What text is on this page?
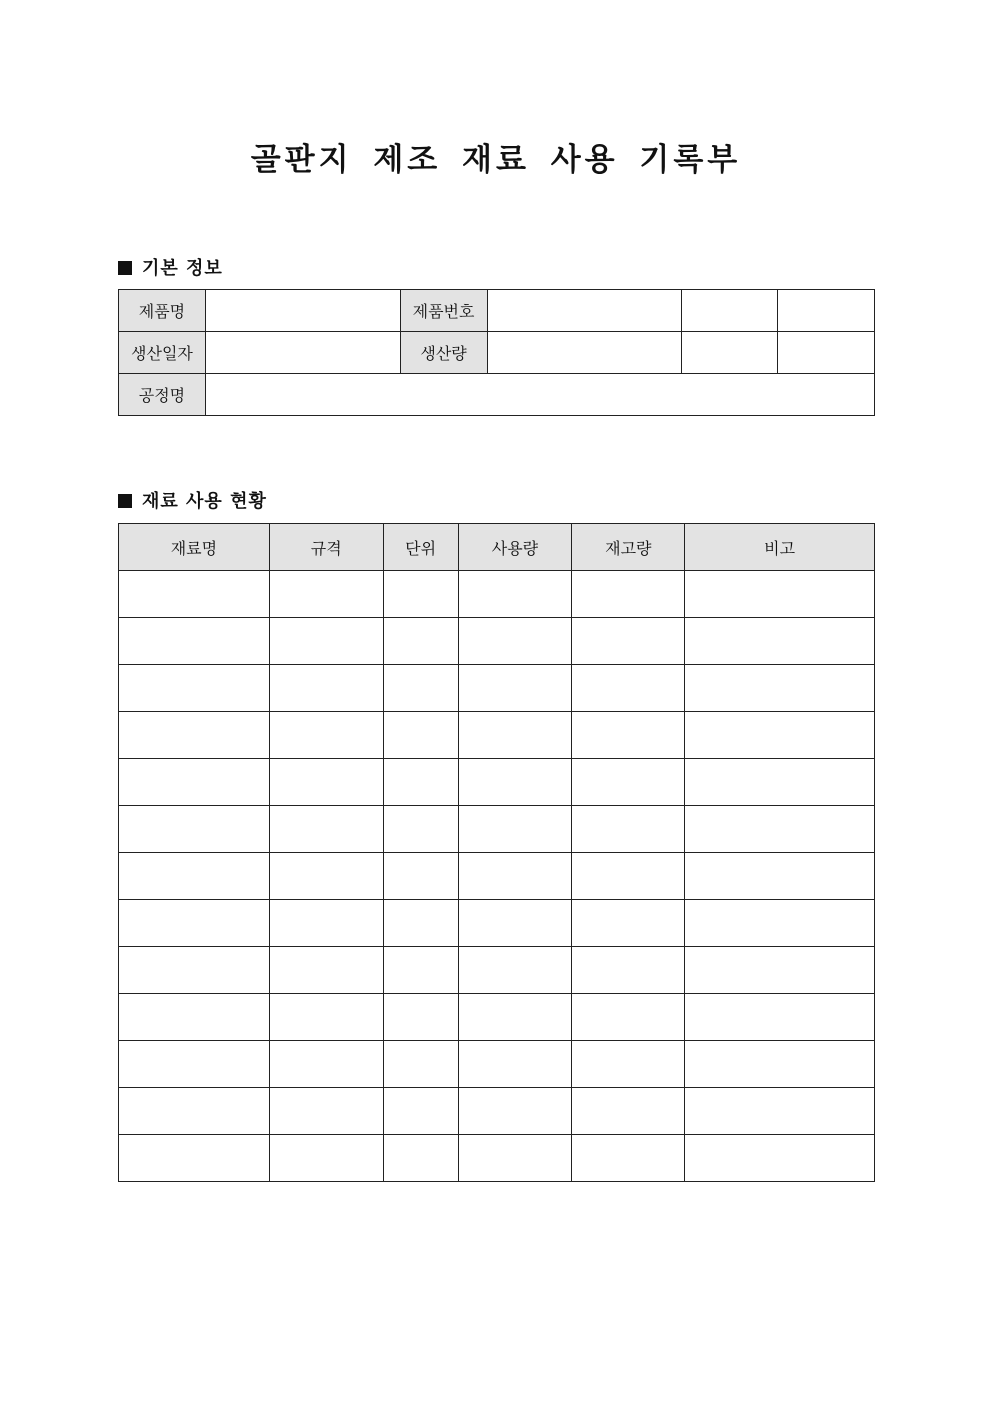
골판지 제조 재료 사용 기록부
기본 정보
제품명		제품번호			
생산일자		생산량			
공정명					
재료 사용 현황
재료명	규격	단위	사용량	재고량	비고
